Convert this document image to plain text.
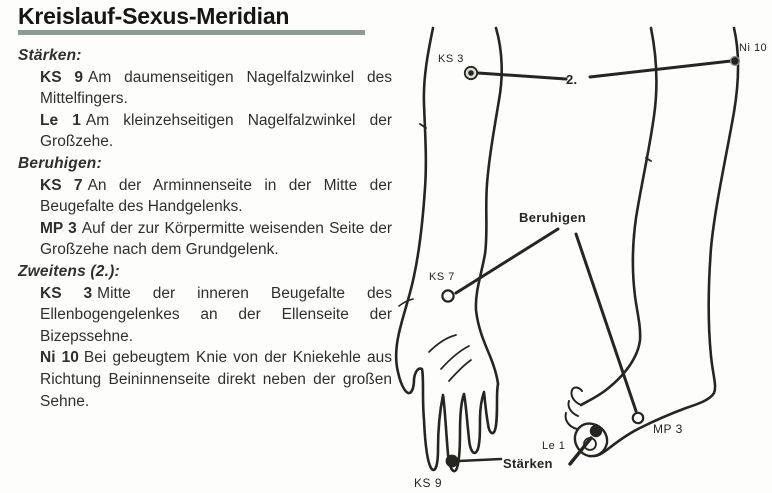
Kreislauf-Sexus-Meridian

Stärken:

KS 9 Am daumenseitigen Nagelfalzwinkel des Mittelfingers.

Le 1 Am kleinzehseitigen Nagelfalzwinkel der Großzehe.

Beruhigen:

KS 7 An der Arminnenseite in der Mitte der Beugefalte des Handgelenks.

MP 3 Auf der zur Körpermitte weisenden Seite der Großzehe nach dem Grundgelenk.

Zweitens (2.):

KS 3 Mitte der inneren Beugefalte des Ellenbogengelenkes an der Ellenseite der Bizepssehne.

Ni 10 Bei gebeugtem Knie von der Kniekehle aus Richtung Beininnenseite direkt neben der großen Sehne.

KS 3
Ni 10
2.
Beruhigen
KS 7
MP 3
Le 1
Stärken
KS 9
